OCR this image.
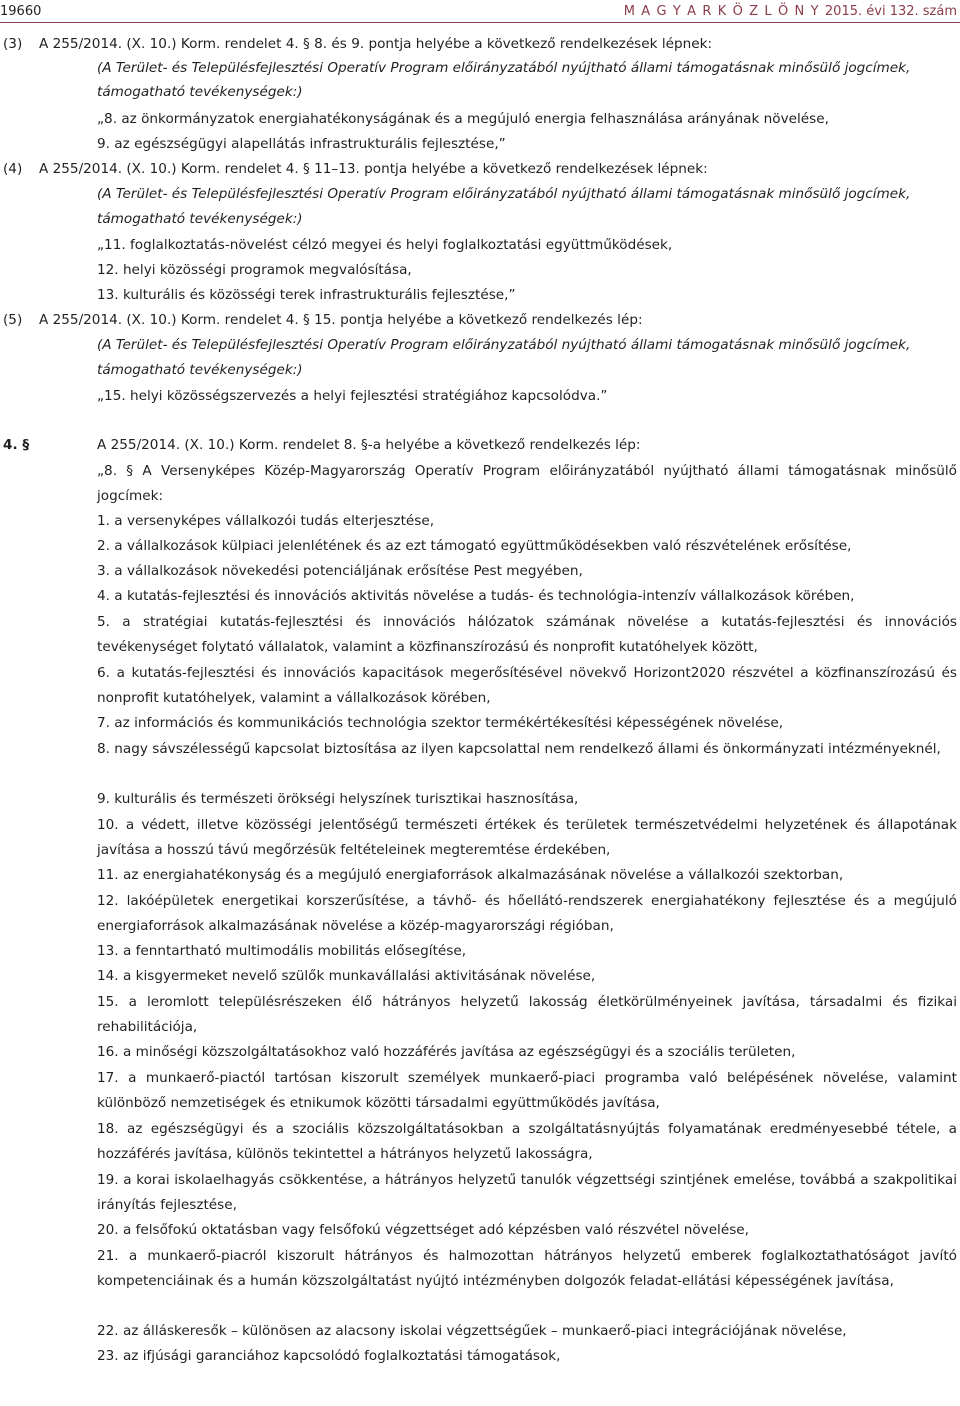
19660	M A G Y A R K Ö Z L Ö N Y 2015. évi 132. szám
(3) A 255/2014. (X. 10.) Korm. rendelet 4. § 8. és 9. pontja helyébe a következő rendelkezések lépnek:
(A Terület- és Településfejlesztési Operatív Program előirányzatából nyújtható állami támogatásnak minősülő jogcímek,
támogatható tevékenységek:)
„8. az önkormányzatok energiahatékonyságának és a megújuló energia felhasználása arányának növelése,
9. az egészségügyi alapellátás infrastrukturális fejlesztése,”
(4) A 255/2014. (X. 10.) Korm. rendelet 4. § 11–13. pontja helyébe a következő rendelkezések lépnek:
(A Terület- és Településfejlesztési Operatív Program előirányzatából nyújtható állami támogatásnak minősülő jogcímek,
támogatható tevékenységek:)
„11. foglalkoztatás-növelést célzó megyei és helyi foglalkoztatási együttműködések,
12. helyi közösségi programok megvalósítása,
13. kulturális és közösségi terek infrastrukturális fejlesztése,”
(5) A 255/2014. (X. 10.) Korm. rendelet 4. § 15. pontja helyébe a következő rendelkezés lép:
(A Terület- és Településfejlesztési Operatív Program előirányzatából nyújtható állami támogatásnak minősülő jogcímek,
támogatható tevékenységek:)
„15. helyi közösségszervezés a helyi fejlesztési stratégiához kapcsolódva.”
4. §	A 255/2014. (X. 10.) Korm. rendelet 8. §-a helyébe a következő rendelkezés lép:
„8. § A Versenyképes Közép-Magyarország Operatív Program előirányzatából nyújtható állami támogatásnak minősülő jogcímek:
1. a versenyképes vállalkozói tudás elterjesztése,
2. a vállalkozások külpiaci jelenlétének és az ezt támogató együttműködésekben való részvételének erősítése,
3. a vállalkozások növekedési potenciáljának erősítése Pest megyében,
4. a kutatás-fejlesztési és innovációs aktivitás növelése a tudás- és technológia-intenzív vállalkozások körében,
5. a stratégiai kutatás-fejlesztési és innovációs hálózatok számának növelése a kutatás-fejlesztési és innovációs tevékenységet folytató vállalatok, valamint a közfinanszírozású és nonprofit kutatóhelyek között,
6. a kutatás-fejlesztési és innovációs kapacitások megerősítésével növekvő Horizont2020 részvétel a közfinanszírozású és nonprofit kutatóhelyek, valamint a vállalkozások körében,
7. az információs és kommunikációs technológia szektor termékértékesítési képességének növelése,
8. nagy sávszélességű kapcsolat biztosítása az ilyen kapcsolattal nem rendelkező állami és önkormányzati intézményeknél,
9. kulturális és természeti örökségi helyszínek turisztikai hasznosítása,
10. a védett, illetve közösségi jelentőségű természeti értékek és területek természetvédelmi helyzetének és állapotának javítása a hosszú távú megőrzésük feltételeinek megteremtése érdekében,
11. az energiahatékonyság és a megújuló energiaforrások alkalmazásának növelése a vállalkozói szektorban,
12. lakóépületek energetikai korszerűsítése, a távhő- és hőellátó-rendszerek energiahatékony fejlesztése és a megújuló energiaforrások alkalmazásának növelése a közép-magyarországi régióban,
13. a fenntartható multimodális mobilitás elősegítése,
14. a kisgyermeket nevelő szülők munkavállalási aktivitásának növelése,
15. a leromlott településrészeken élő hátrányos helyzetű lakosság életkörülményeinek javítása, társadalmi és fizikai rehabilitációja,
16. a minőségi közszolgáltatásokhoz való hozzáférés javítása az egészségügyi és a szociális területen,
17. a munkaerő-piactól tartósan kiszorult személyek munkaerő-piaci programba való belépésének növelése, valamint különböző nemzetiségek és etnikumok közötti társadalmi együttműködés javítása,
18. az egészségügyi és a szociális közszolgáltatásokban a szolgáltatásnyújtás folyamatának eredményesebbé tétele, a hozzáférés javítása, különös tekintettel a hátrányos helyzetű lakosságra,
19. a korai iskolaelhagyás csökkentése, a hátrányos helyzetű tanulók végzettségi szintjének emelése, továbbá a szakpolitikai irányítás fejlesztése,
20. a felsőfokú oktatásban vagy felsőfokú végzettséget adó képzésben való részvétel növelése,
21. a munkaerő-piacról kiszorult hátrányos és halmozottan hátrányos helyzetű emberek foglalkoztathatóságot javító kompetenciáinak és a humán közszolgáltatást nyújtó intézményben dolgozók feladat-ellátási képességének javítása,
22. az álláskeresők – különösen az alacsony iskolai végzettségűek – munkaerő-piaci integrációjának növelése,
23. az ifjúsági garanciához kapcsolódó foglalkoztatási támogatások,
